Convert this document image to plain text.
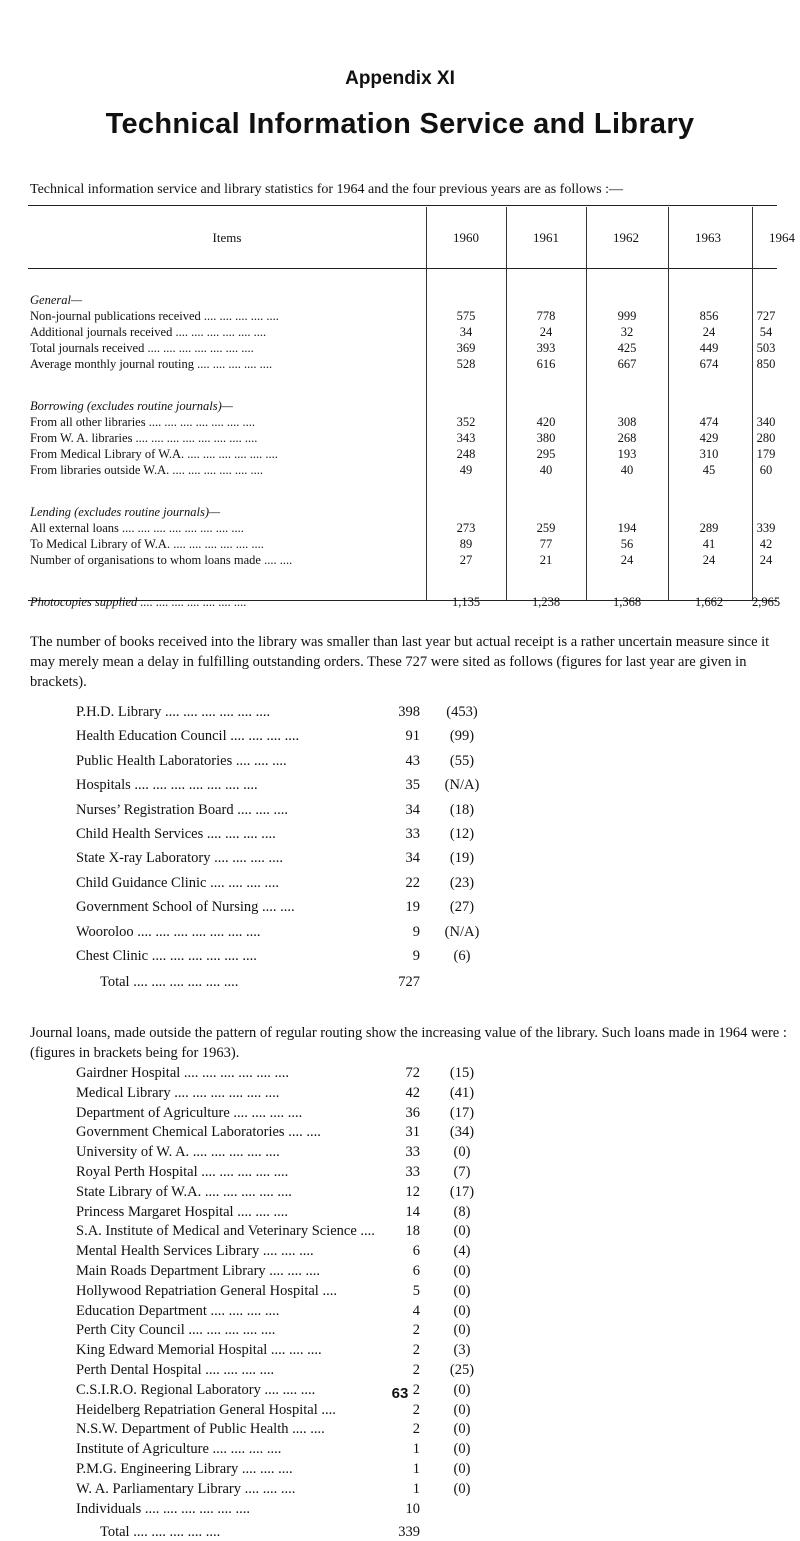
Appendix XI
Technical Information Service and Library
Technical information service and library statistics for 1964 and the four previous years are as follows :—
Items	1960	1961	1962	1963	1964
General—
Non-journal publications received .... .... .... .... ....	575	778	999	856	727
Additional journals received .... .... .... .... .... ....	34	24	32	24	54
Total journals received .... .... .... .... .... .... ....	369	393	425	449	503
Average monthly journal routing .... .... .... .... ....	528	616	667	674	850
Borrowing (excludes routine journals)—
From all other libraries .... .... .... .... .... .... ....	352	420	308	474	340
From W. A. libraries .... .... .... .... .... .... .... ....	343	380	268	429	280
From Medical Library of W.A. .... .... .... .... .... ....	248	295	193	310	179
From libraries outside W.A. .... .... .... .... .... ....	49	40	40	45	60
Lending (excludes routine journals)—
All external loans .... .... .... .... .... .... .... ....	273	259	194	289	339
To Medical Library of W.A. .... .... .... .... .... ....	89	77	56	41	42
Number of organisations to whom loans made .... ....	27	21	24	24	24
Photocopies supplied .... .... .... .... .... .... ....	1,135	1,238	1,368	1,662	2,965
The number of books received into the library was smaller than last year but actual receipt is a rather uncertain measure since it may merely mean a delay in fulfilling outstanding orders. These 727 were sited as follows (figures for last year are given in brackets).
P.H.D. Library .... .... .... .... .... ....	398	(453)
Health Education Council .... .... .... ....	91	(99)
Public Health Laboratories .... .... ....	43	(55)
Hospitals .... .... .... .... .... .... ....	35	(N/A)
Nurses’ Registration Board .... .... ....	34	(18)
Child Health Services .... .... .... ....	33	(12)
State X-ray Laboratory .... .... .... ....	34	(19)
Child Guidance Clinic .... .... .... ....	22	(23)
Government School of Nursing .... ....	19	(27)
Wooroloo .... .... .... .... .... .... ....	9	(N/A)
Chest Clinic .... .... .... .... .... ....	9	(6)
Total .... .... .... .... .... ....	727
Journal loans, made outside the pattern of regular routing show the increasing value of the library. Such loans made in 1964 were : (figures in brackets being for 1963).
Gairdner Hospital .... .... .... .... .... ....	72	(15)
Medical Library .... .... .... .... .... ....	42	(41)
Department of Agriculture .... .... .... ....	36	(17)
Government Chemical Laboratories .... ....	31	(34)
University of W. A. .... .... .... .... ....	33	(0)
Royal Perth Hospital .... .... .... .... ....	33	(7)
State Library of W.A. .... .... .... .... ....	12	(17)
Princess Margaret Hospital .... .... ....	14	(8)
S.A. Institute of Medical and Veterinary Science ....	18	(0)
Mental Health Services Library .... .... ....	6	(4)
Main Roads Department Library .... .... ....	6	(0)
Hollywood Repatriation General Hospital ....	5	(0)
Education Department .... .... .... ....	4	(0)
Perth City Council .... .... .... .... ....	2	(0)
King Edward Memorial Hospital .... .... ....	2	(3)
Perth Dental Hospital .... .... .... ....	2	(25)
C.S.I.R.O. Regional Laboratory .... .... ....	2	(0)
Heidelberg Repatriation General Hospital ....	2	(0)
N.S.W. Department of Public Health .... ....	2	(0)
Institute of Agriculture .... .... .... ....	1	(0)
P.M.G. Engineering Library .... .... ....	1	(0)
W. A. Parliamentary Library .... .... ....	1	(0)
Individuals .... .... .... .... .... ....	10
Total .... .... .... .... ....	339
63
